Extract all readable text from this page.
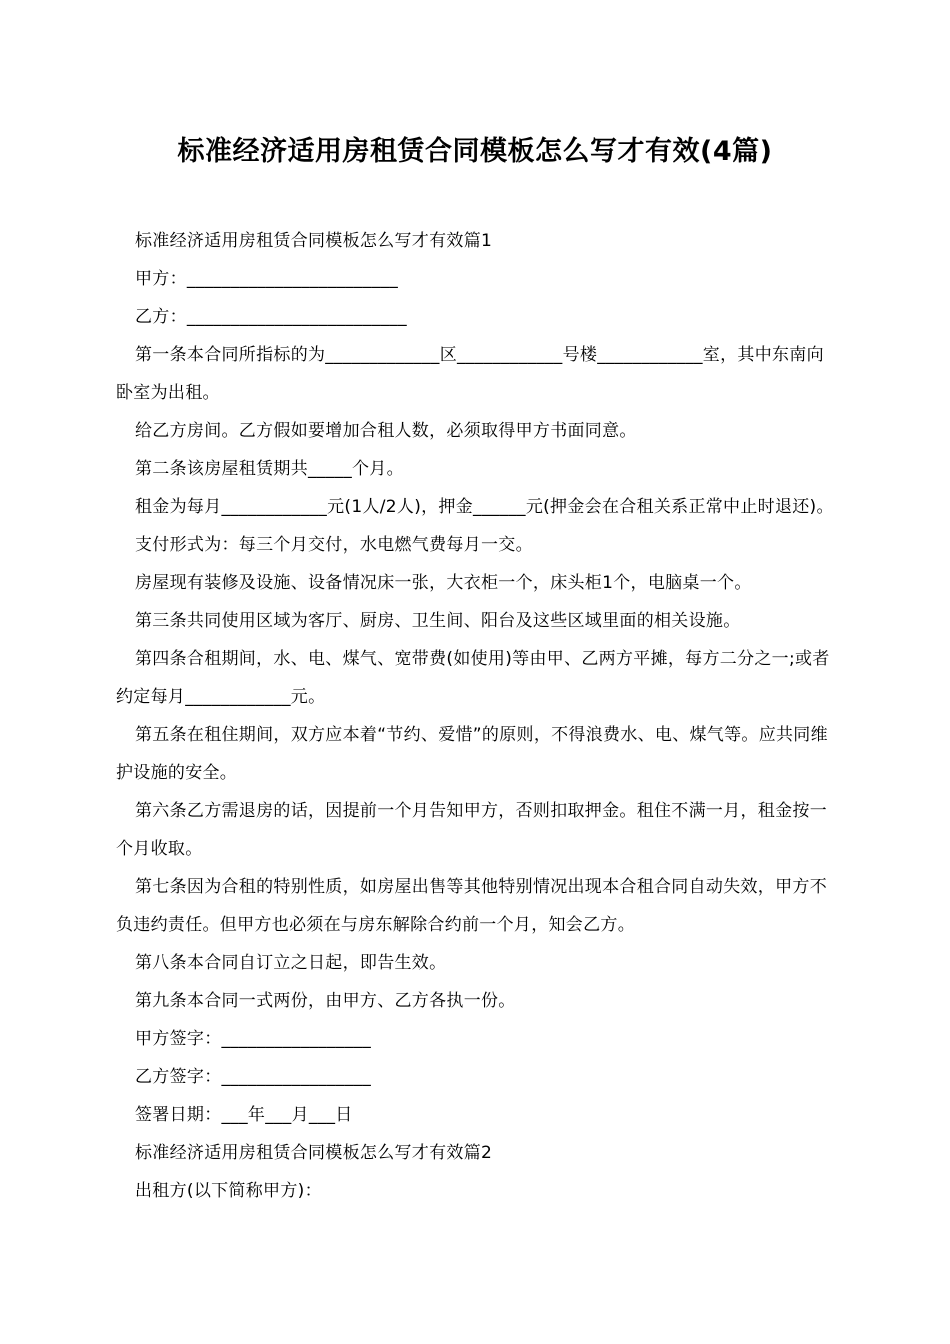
标准经济适用房租赁合同模板怎么写才有效(4篇)

标准经济适用房租赁合同模板怎么写才有效篇1

甲方：________________________

乙方：_________________________

第一条本合同所指标的为_____________区____________号楼____________室，其中东南向卧室为出租。

给乙方房间。乙方假如要增加合租人数，必须取得甲方书面同意。

第二条该房屋租赁期共_____个月。

租金为每月____________元(1人/2人)，押金______元(押金会在合租关系正常中止时退还)。

支付形式为：每三个月交付，水电燃气费每月一交。

房屋现有装修及设施、设备情况床一张，大衣柜一个，床头柜1个，电脑桌一个。

第三条共同使用区域为客厅、厨房、卫生间、阳台及这些区域里面的相关设施。

第四条合租期间，水、电、煤气、宽带费(如使用)等由甲、乙两方平摊，每方二分之一;或者约定每月____________元。

第五条在租住期间，双方应本着“节约、爱惜”的原则，不得浪费水、电、煤气等。应共同维护设施的安全。

第六条乙方需退房的话，因提前一个月告知甲方，否则扣取押金。租住不满一月，租金按一个月收取。

第七条因为合租的特别性质，如房屋出售等其他特别情况出现本合租合同自动失效，甲方不负违约责任。但甲方也必须在与房东解除合约前一个月，知会乙方。

第八条本合同自订立之日起，即告生效。

第九条本合同一式两份，由甲方、乙方各执一份。

甲方签字：_________________

乙方签字：_________________

签署日期：___年___月___日

标准经济适用房租赁合同模板怎么写才有效篇2

出租方(以下简称甲方)：
